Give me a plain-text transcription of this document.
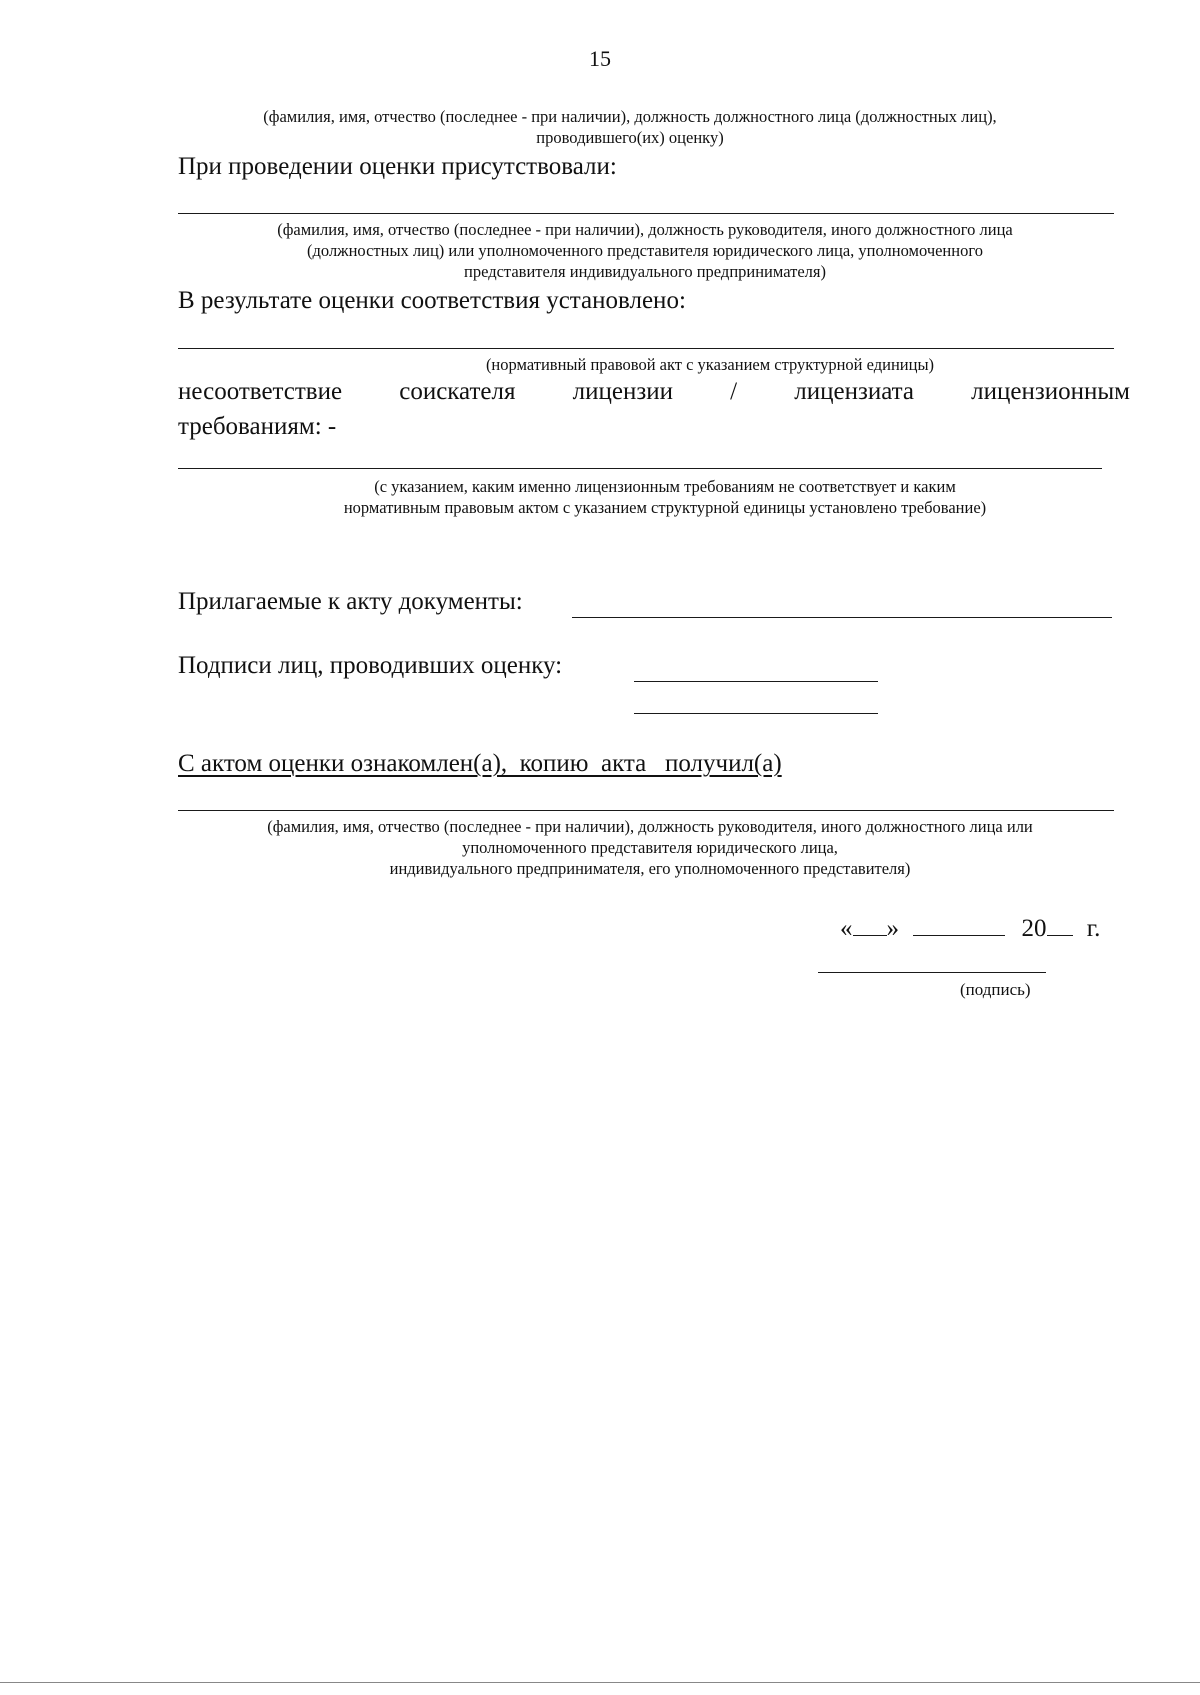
15
(фамилия, имя, отчество (последнее - при наличии), должность должностного лица (должностных лиц),
проводившего(их) оценку)
При проведении оценки присутствовали:
(фамилия, имя, отчество (последнее - при наличии), должность руководителя, иного должностного лица
(должностных лиц) или уполномоченного представителя юридического лица, уполномоченного
представителя индивидуального предпринимателя)
В результате оценки соответствия установлено:
(нормативный правовой акт с указанием структурной единицы)
несоответствие соискателя лицензии / лицензиата лицензионным
требованиям: -
(с указанием, каким именно лицензионным требованиям не соответствует и каким
нормативным правовым актом с указанием структурной единицы установлено требование)
Прилагаемые к акту документы:
Подписи лиц, проводивших оценку:
С актом оценки ознакомлен(а),  копию  акта   получил(а)
(фамилия, имя, отчество (последнее - при наличии), должность руководителя, иного должностного лица или
уполномоченного представителя юридического лица,
индивидуального предпринимателя, его уполномоченного представителя)
« »	20 г.
(подпись)
